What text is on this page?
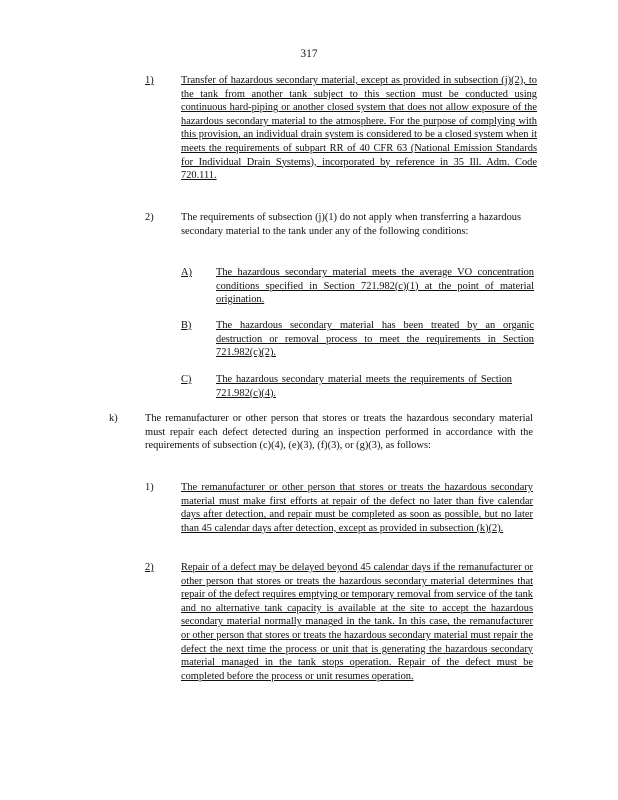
317
1)	Transfer of hazardous secondary material, except as provided in subsection (j)(2), to the tank from another tank subject to this section must be conducted using continuous hard-piping or another closed system that does not allow exposure of the hazardous secondary material to the atmosphere. For the purpose of complying with this provision, an individual drain system is considered to be a closed system when it meets the requirements of subpart RR of 40 CFR 63 (National Emission Standards for Individual Drain Systems), incorporated by reference in 35 Ill. Adm. Code 720.111.

2)	The requirements of subsection (j)(1) do not apply when transferring a hazardous secondary material to the tank under any of the following conditions:

A) The hazardous secondary material meets the average VO concentration conditions specified in Section 721.982(c)(1) at the point of material origination.

B) The hazardous secondary material has been treated by an organic destruction or removal process to meet the requirements in Section 721.982(c)(2).

C) The hazardous secondary material meets the requirements of Section 721.982(c)(4).

k)	The remanufacturer or other person that stores or treats the hazardous secondary material must repair each defect detected during an inspection performed in accordance with the requirements of subsection (c)(4), (e)(3), (f)(3), or (g)(3), as follows:

1)	The remanufacturer or other person that stores or treats the hazardous secondary material must make first efforts at repair of the defect no later than five calendar days after detection, and repair must be completed as soon as possible, but no later than 45 calendar days after detection, except as provided in subsection (k)(2).

2)	Repair of a defect may be delayed beyond 45 calendar days if the remanufacturer or other person that stores or treats the hazardous secondary material determines that repair of the defect requires emptying or temporary removal from service of the tank and no alternative tank capacity is available at the site to accept the hazardous secondary material normally managed in the tank. In this case, the remanufacturer or other person that stores or treats the hazardous secondary material must repair the defect the next time the process or unit that is generating the hazardous secondary material managed in the tank stops operation. Repair of the defect must be completed before the process or unit resumes operation.
